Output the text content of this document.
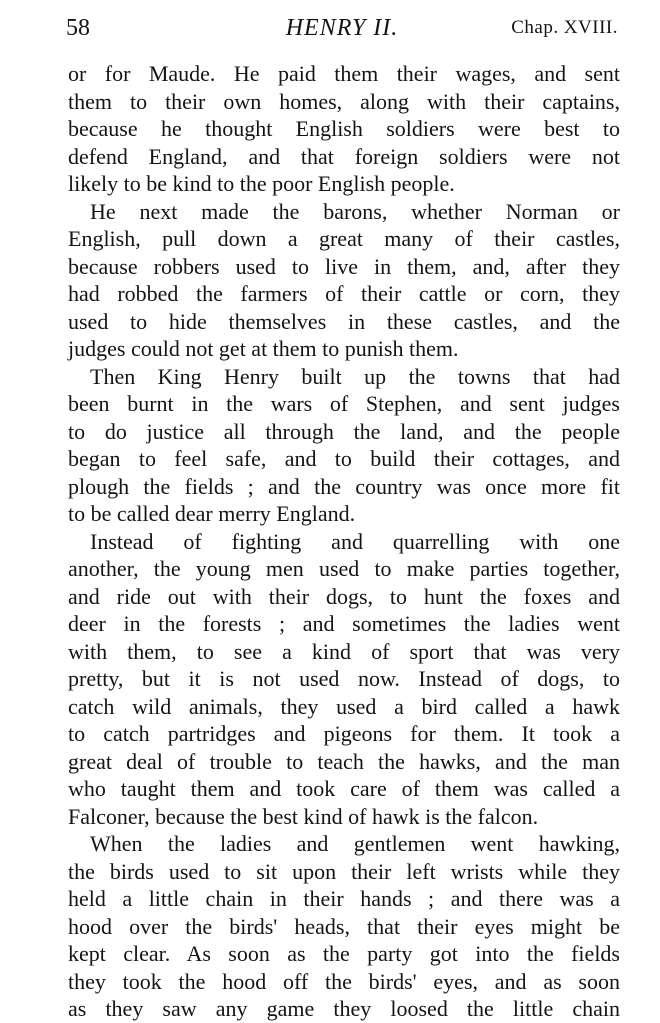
58	HENRY II.	Chap. XVIII.
or for Maude. He paid them their wages, and sent
them to their own homes, along with their captains,
because he thought English soldiers were best to
defend England, and that foreign soldiers were not
likely to be kind to the poor English people.
He next made the barons, whether Norman or
English, pull down a great many of their castles,
because robbers used to live in them, and, after they
had robbed the farmers of their cattle or corn, they
used to hide themselves in these castles, and the
judges could not get at them to punish them.
Then King Henry built up the towns that had
been burnt in the wars of Stephen, and sent judges
to do justice all through the land, and the people
began to feel safe, and to build their cottages, and
plough the fields ; and the country was once more fit
to be called dear merry England.
Instead of fighting and quarrelling with one
another, the young men used to make parties together,
and ride out with their dogs, to hunt the foxes and
deer in the forests ; and sometimes the ladies went
with them, to see a kind of sport that was very
pretty, but it is not used now. Instead of dogs, to
catch wild animals, they used a bird called a hawk
to catch partridges and pigeons for them. It took a
great deal of trouble to teach the hawks, and the man
who taught them and took care of them was called a
Falconer, because the best kind of hawk is the falcon.
When the ladies and gentlemen went hawking,
the birds used to sit upon their left wrists while they
held a little chain in their hands ; and there was a
hood over the birds' heads, that their eyes might be
kept clear. As soon as the party got into the fields
they took the hood off the birds' eyes, and as soon
as they saw any game they loosed the little chain
